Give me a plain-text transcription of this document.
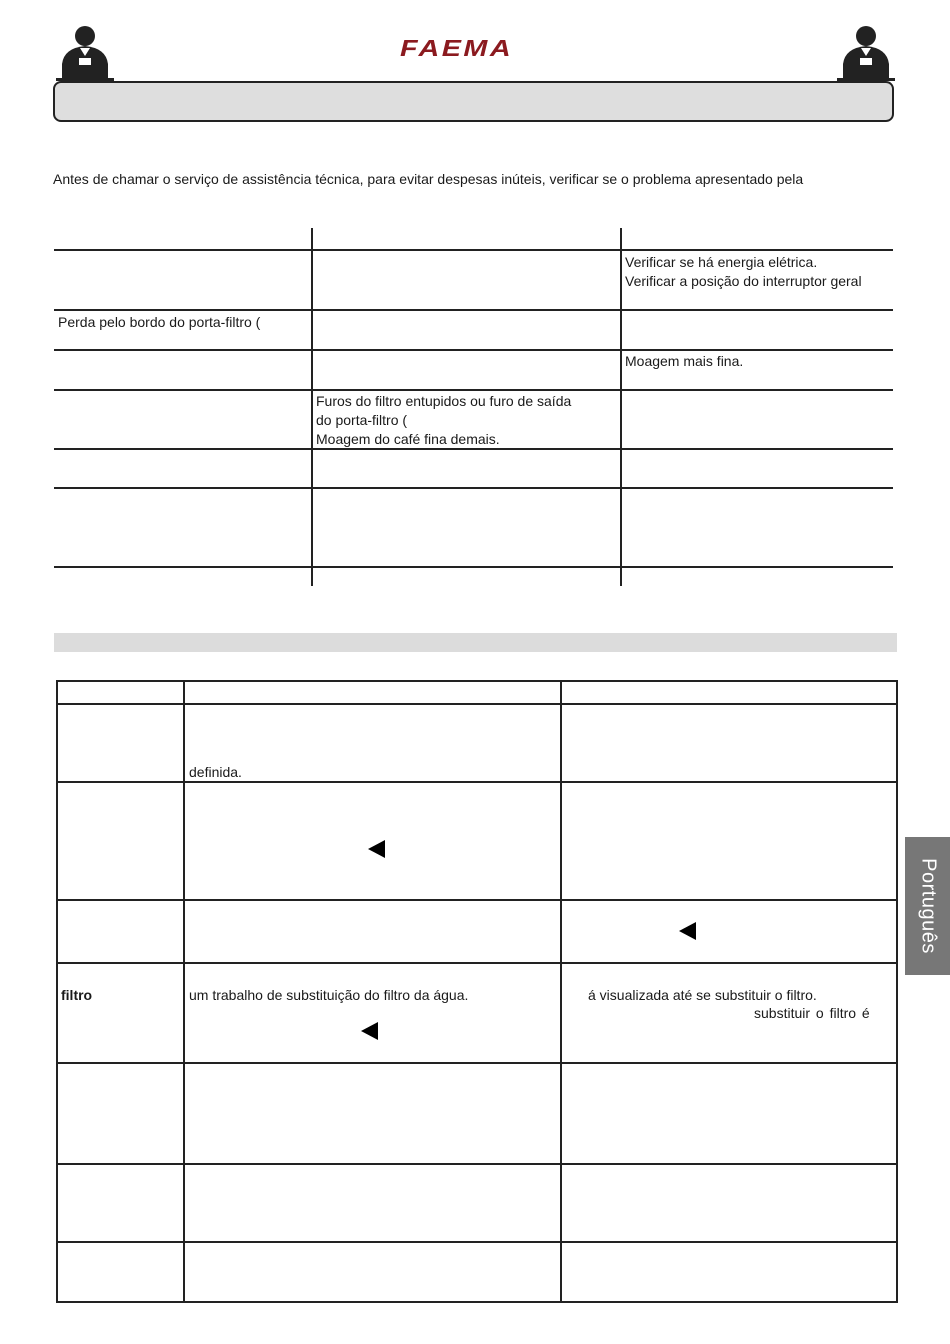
FAEMA
Antes de chamar o serviço de assistência técnica, para evitar despesas inúteis, verificar se o problema apresentado pela
Verificar se há energia elétrica.
Verificar a posição do interruptor geral
Perda pelo bordo do porta-filtro (
Moagem mais fina.
Furos do filtro entupidos ou furo de saída
do porta-filtro (
Moagem do café fina demais.
definida.
filtro	um trabalho de substituição do filtro da água.	á visualizada até se substituir o filtro.
substituir o filtro é
Português
